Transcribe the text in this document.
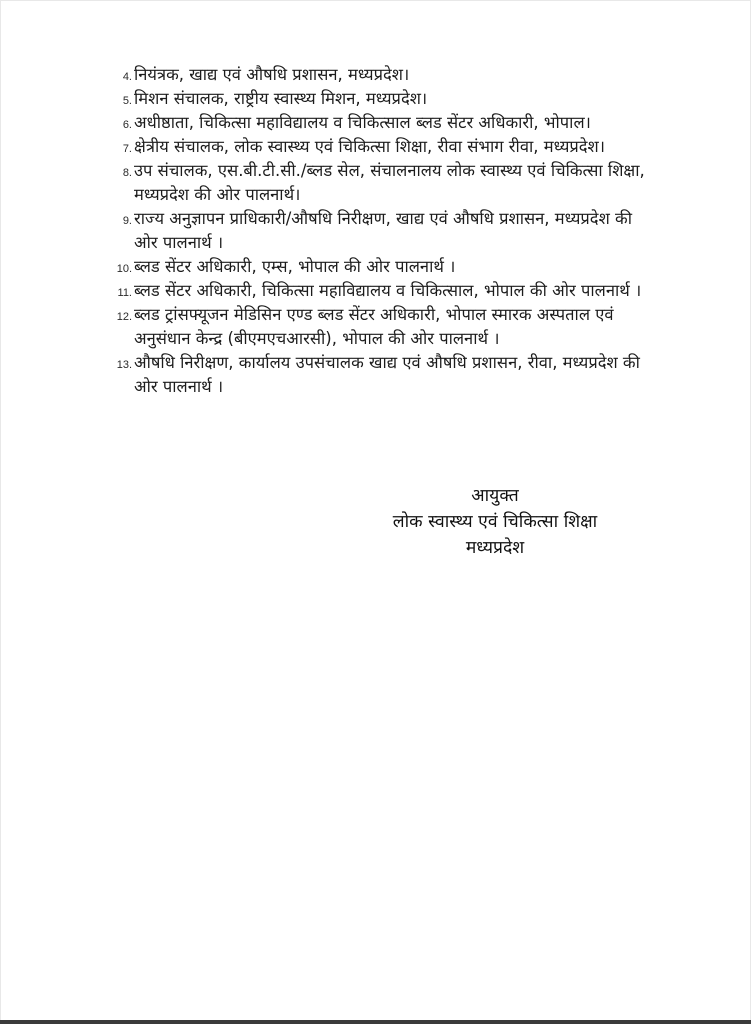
4. नियंत्रक, खाद्य एवं औषधि प्रशासन, मध्यप्रदेश।
5. मिशन संचालक, राष्ट्रीय स्वास्थ्य मिशन, मध्यप्रदेश।
6. अधीष्ठाता, चिकित्सा महाविद्यालय व चिकित्साल ब्लड सेंटर अधिकारी, भोपाल।
7. क्षेत्रीय संचालक, लोक स्वास्थ्य एवं चिकित्सा शिक्षा, रीवा संभाग रीवा, मध्यप्रदेश।
8. उप संचालक, एस.बी.टी.सी./ब्लड सेल, संचालनालय लोक स्वास्थ्य एवं चिकित्सा शिक्षा, मध्यप्रदेश की ओर पालनार्थ।
9. राज्य अनुज्ञापन प्राधिकारी/औषधि निरीक्षण, खाद्य एवं औषधि प्रशासन, मध्यप्रदेश की ओर पालनार्थ ।
10. ब्लड सेंटर अधिकारी, एम्स, भोपाल की ओर पालनार्थ ।
11. ब्लड सेंटर अधिकारी, चिकित्सा महाविद्यालय व चिकित्साल, भोपाल की ओर पालनार्थ ।
12. ब्लड ट्रांसफ्यूजन मेडिसिन एण्ड ब्लड सेंटर अधिकारी, भोपाल स्मारक अस्पताल एवं अनुसंधान केन्द्र (बीएमएचआरसी), भोपाल की ओर पालनार्थ ।
13. औषधि निरीक्षण, कार्यालय उपसंचालक खाद्य एवं औषधि प्रशासन, रीवा, मध्यप्रदेश की ओर पालनार्थ ।
आयुक्त
लोक स्वास्थ्य एवं चिकित्सा शिक्षा
मध्यप्रदेश
